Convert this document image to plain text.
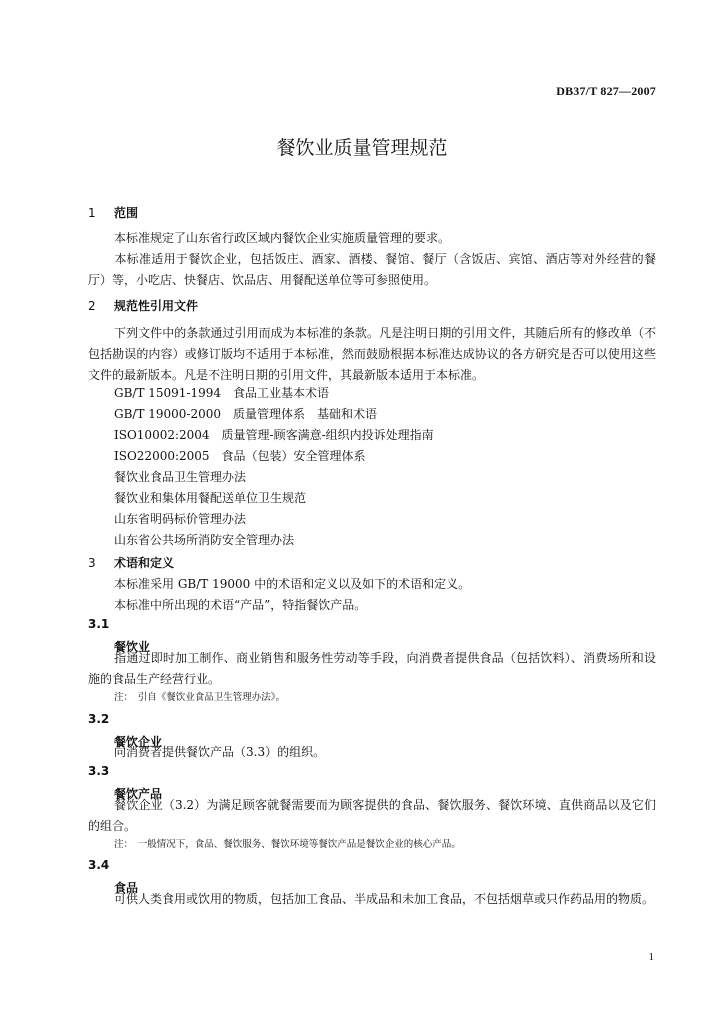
DB37/T 827—2007
餐饮业质量管理规范
1 范围
本标准规定了山东省行政区域内餐饮企业实施质量管理的要求。
本标准适用于餐饮企业，包括饭庄、酒家、酒楼、餐馆、餐厅（含饭店、宾馆、酒店等对外经营的餐厅）等，小吃店、快餐店、饮品店、用餐配送单位等可参照使用。
2 规范性引用文件
下列文件中的条款通过引用而成为本标准的条款。凡是注明日期的引用文件，其随后所有的修改单（不包括勘误的内容）或修订版均不适用于本标准，然而鼓励根据本标准达成协议的各方研究是否可以使用这些文件的最新版本。凡是不注明日期的引用文件，其最新版本适用于本标准。
GB/T 15091-1994　食品工业基本术语
GB/T 19000-2000　质量管理体系　基础和术语
ISO10002:2004　质量管理-顾客满意-组织内投诉处理指南
ISO22000:2005　食品（包装）安全管理体系
餐饮业食品卫生管理办法
餐饮业和集体用餐配送单位卫生规范
山东省明码标价管理办法
山东省公共场所消防安全管理办法
3 术语和定义
本标准采用 GB/T 19000 中的术语和定义以及如下的术语和定义。
本标准中所出现的术语“产品”，特指餐饮产品。
3.1
餐饮业
指通过即时加工制作、商业销售和服务性劳动等手段，向消费者提供食品（包括饮料）、消费场所和设施的食品生产经营行业。
注：　引自《餐饮业食品卫生管理办法》。
3.2
餐饮企业
向消费者提供餐饮产品（3.3）的组织。
3.3
餐饮产品
餐饮企业（3.2）为满足顾客就餐需要而为顾客提供的食品、餐饮服务、餐饮环境、直供商品以及它们的组合。
注：　一般情况下，食品、餐饮服务、餐饮环境等餐饮产品是餐饮企业的核心产品。
3.4
食品
可供人类食用或饮用的物质，包括加工食品、半成品和未加工食品，不包括烟草或只作药品用的物质。
1
